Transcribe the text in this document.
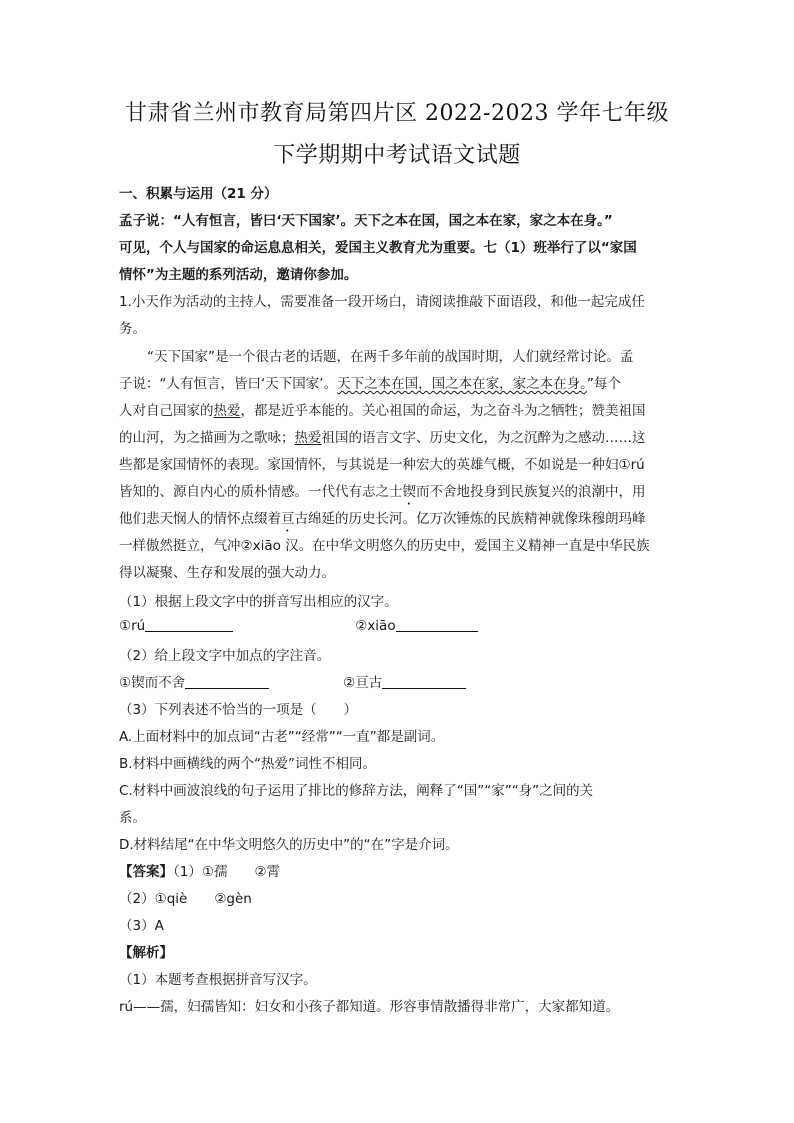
甘肃省兰州市教育局第四片区 2022-2023 学年七年级
下学期期中考试语文试题
一、积累与运用（21 分）
孟子说：“人有恒言，皆曰‘天下国家’。天下之本在国，国之本在家，家之本在身。”
可见，个人与国家的命运息息相关，爱国主义教育尤为重要。七（1）班举行了以“家国
情怀”为主题的系列活动，邀请你参加。
1.小天作为活动的主持人，需要准备一段开场白，请阅读推敲下面语段，和他一起完成任
务。
“天下国家”是一个很古老的话题，在两千多年前的战国时期，人们就经常讨论。孟
子说：“人有恒言，皆曰‘天下国家’。天下之本在国，国之本在家，家之本在身。”每个
人对自己国家的热爱，都是近乎本能的。关心祖国的命运，为之奋斗为之牺牲；赞美祖国
的山河，为之描画为之歌咏；热爱祖国的语言文字、历史文化，为之沉醉为之感动……这
些都是家国情怀的表现。家国情怀，与其说是一种宏大的英雄气概，不如说是一种妇①rú
皆知的、源自内心的质朴情感。一代代有志之士锲而不舍地投身到民族复兴的浪潮中，用
他们悲天悯人的情怀点缀着亘古绵延的历史长河。亿万次锤炼的民族精神就像珠穆朗玛峰
一样傲然挺立，气冲②xiāo 汉。在中华文明悠久的历史中，爱国主义精神一直是中华民族
得以凝聚、生存和发展的强大动力。
（1）根据上段文字中的拼音写出相应的汉字。
①rú	②xiāo
（2）给上段文字中加点的字注音。
①锲而不舍	②亘古
（3）下列表述不恰当的一项是（　　）
A.上面材料中的加点词“古老”“经常”“一直”都是副词。
B.材料中画横线的两个“热爱”词性不相同。
C.材料中画波浪线的句子运用了排比的修辞方法，阐释了“国”“家”“身”之间的关
系。
D.材料结尾“在中华文明悠久的历史中”的“在”字是介词。
【答案】（1）①孺　　②霄
（2）①qiè　　②gèn
（3）A
【解析】
（1）本题考查根据拼音写汉字。
rú——孺，妇孺皆知：妇女和小孩子都知道。形容事情散播得非常广，大家都知道。
